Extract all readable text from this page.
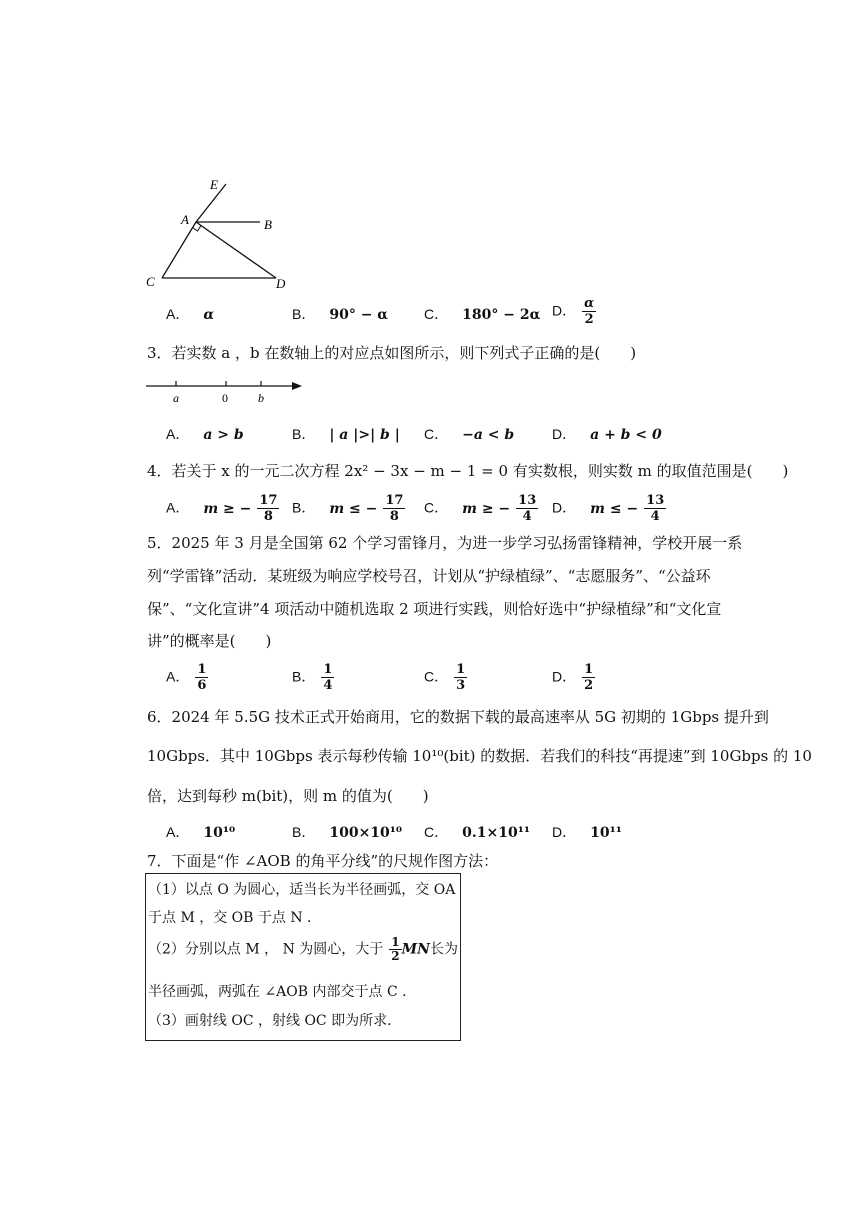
E
A	B
C	D
A． α	B． 90° − α	C． 180° − 2α D． $\frac{\alpha}{2}$
3．若实数 a ，b 在数轴上的对应点如图所示，则下列式子正确的是(　　)
a	0	b
A． a > b	B． | a |>| b | C． −a < b	D． a + b < 0
4．若关于 x 的一元二次方程 2x² − 3x − m − 1 = 0 有实数根，则实数 m 的取值范围是(　　)
A． m ≥ − $\frac{17}{8}$ B． m ≤ − $\frac{17}{8}$ C． m ≥ − $\frac{13}{4}$ D． m ≤ − $\frac{13}{4}$
5．2025 年 3 月是全国第 62 个学习雷锋月，为进一步学习弘扬雷锋精神，学校开展一系
列“学雷锋”活动．某班级为响应学校号召，计划从“护绿植绿”、“志愿服务”、“公益环
保”、“文化宣讲”4 项活动中随机选取 2 项进行实践，则恰好选中“护绿植绿”和“文化宣
讲”的概率是(　　)
A． $\frac{1}{6}$	B． $\frac{1}{4}$	C． $\frac{1}{3}$	D． $\frac{1}{2}$
6．2024 年 5.5G 技术正式开始商用，它的数据下载的最高速率从 5G 初期的 1Gbps 提升到
10Gbps．其中 10Gbps 表示每秒传输 10¹⁰(bit) 的数据．若我们的科技“再提速”到 10Gbps 的 10
倍，达到每秒 m(bit)，则 m 的值为(　　)
A． 10¹⁰	B． 100×10¹⁰ C． 0.1×10¹¹ D． 10¹¹
7．下面是“作 ∠AOB 的角平分线”的尺规作图方法：
（1）以点 O 为圆心，适当长为半径画弧，交 OA
于点 M ，交 OB 于点 N ．
（2）分别以点 M ， N 为圆心，大于 $\frac{1}{2}$ MN长为
半径画弧，两弧在 ∠AOB 内部交于点 C ．
（3）画射线 OC ，射线 OC 即为所求．
